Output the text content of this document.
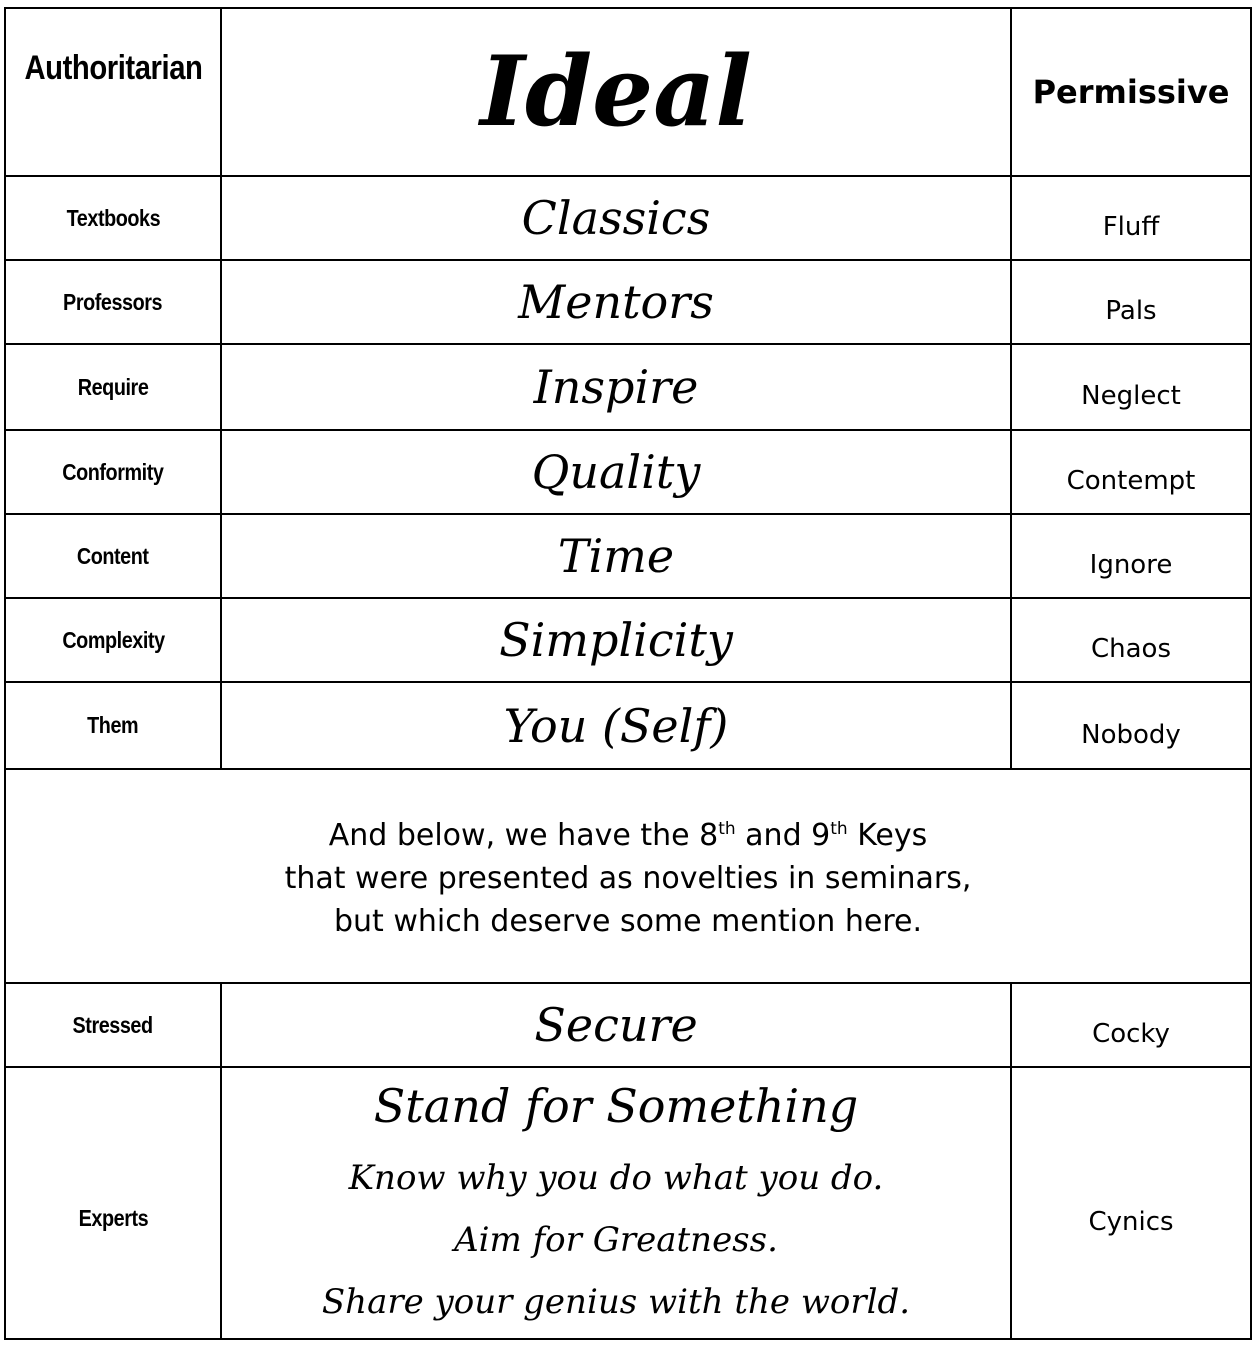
Authoritarian	Ideal	Permissive
Textbooks	Classics	Fluff
Professors	Mentors	Pals
Require	Inspire	Neglect
Conformity	Quality	Contempt
Content	Time	Ignore
Complexity	Simplicity	Chaos
Them	You (Self)	Nobody

And below, we have the 8th and 9th Keys
that were presented as novelties in seminars,
but which deserve some mention here.		

Stressed	Secure	Cocky
Experts	Stand for Something
Know why you do what you do.
Aim for Greatness.
Share your genius with the world.	Cynics
